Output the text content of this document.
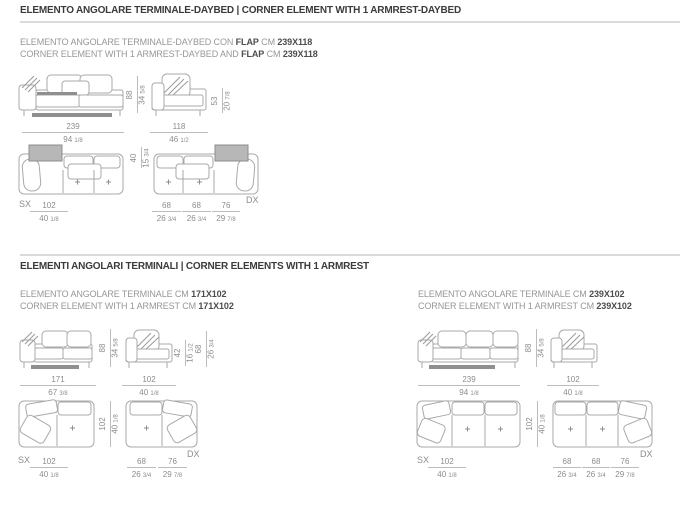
ELEMENTO ANGOLARE TERMINALE-DAYBED | CORNER ELEMENT WITH 1 ARMREST-DAYBED
ELEMENTO ANGOLARE TERMINALE-DAYBED CON FLAP CM 239X118
CORNER ELEMENT WITH 1 ARMREST-DAYBED AND FLAP CM 239X118
88
34 5/8
239
94 1/8
53
20 7/8
118
46 1/2
40
15 3/4
SX	102
40 1/8
68
26 3/4
68
26 3/4
76
29 7/8
DX
ELEMENTI ANGOLARI TERMINALI | CORNER ELEMENTS WITH 1 ARMREST
ELEMENTO ANGOLARE TERMINALE CM 171X102
CORNER ELEMENT WITH 1 ARMREST CM 171X102
88
34 5/8
171
67 3/8
102
40 1/8
42
16 1/2 68
26 3/4
102 40 1/8
SX	102
40 1/8
68
26 3/4
76
29 7/8
DX
ELEMENTO ANGOLARE TERMINALE CM 239X102
CORNER ELEMENT WITH 1 ARMREST CM 239X102
88
34 5/8
239
94 1/8
102
40 1/8
102 40 1/8
SX	102
40 1/8
68
26 3/4
68
26 3/4
76
29 7/8
DX
